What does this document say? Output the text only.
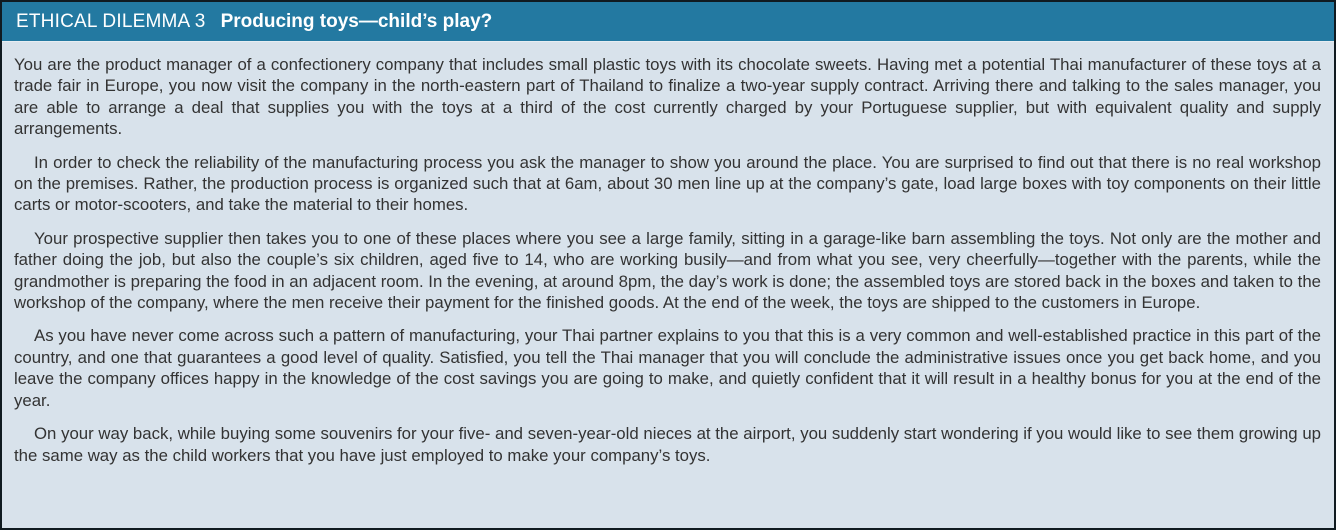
ETHICAL DILEMMA 3 Producing toys—child’s play?

You are the product manager of a confectionery company that includes small plastic toys with its chocolate sweets. Having met a potential Thai manufacturer of these toys at a trade fair in Europe, you now visit the company in the north-eastern part of Thailand to finalize a two-year supply contract. Arriving there and talking to the sales manager, you are able to arrange a deal that supplies you with the toys at a third of the cost currently charged by your Portuguese supplier, but with equivalent quality and supply arrangements.

In order to check the reliability of the manufacturing process you ask the manager to show you around the place. You are surprised to find out that there is no real workshop on the premises. Rather, the production process is organized such that at 6am, about 30 men line up at the company’s gate, load large boxes with toy components on their little carts or motor-scooters, and take the material to their homes.

Your prospective supplier then takes you to one of these places where you see a large family, sitting in a garage-like barn assembling the toys. Not only are the mother and father doing the job, but also the couple’s six children, aged five to 14, who are working busily—and from what you see, very cheerfully—together with the parents, while the grandmother is preparing the food in an adjacent room. In the evening, at around 8pm, the day’s work is done; the assembled toys are stored back in the boxes and taken to the workshop of the company, where the men receive their payment for the finished goods. At the end of the week, the toys are shipped to the customers in Europe.

As you have never come across such a pattern of manufacturing, your Thai partner explains to you that this is a very common and well-established practice in this part of the country, and one that guarantees a good level of quality. Satisfied, you tell the Thai manager that you will conclude the administrative issues once you get back home, and you leave the company offices happy in the knowledge of the cost savings you are going to make, and quietly confident that it will result in a healthy bonus for you at the end of the year.

On your way back, while buying some souvenirs for your five- and seven-year-old nieces at the airport, you suddenly start wondering if you would like to see them growing up the same way as the child workers that you have just employed to make your company’s toys.
